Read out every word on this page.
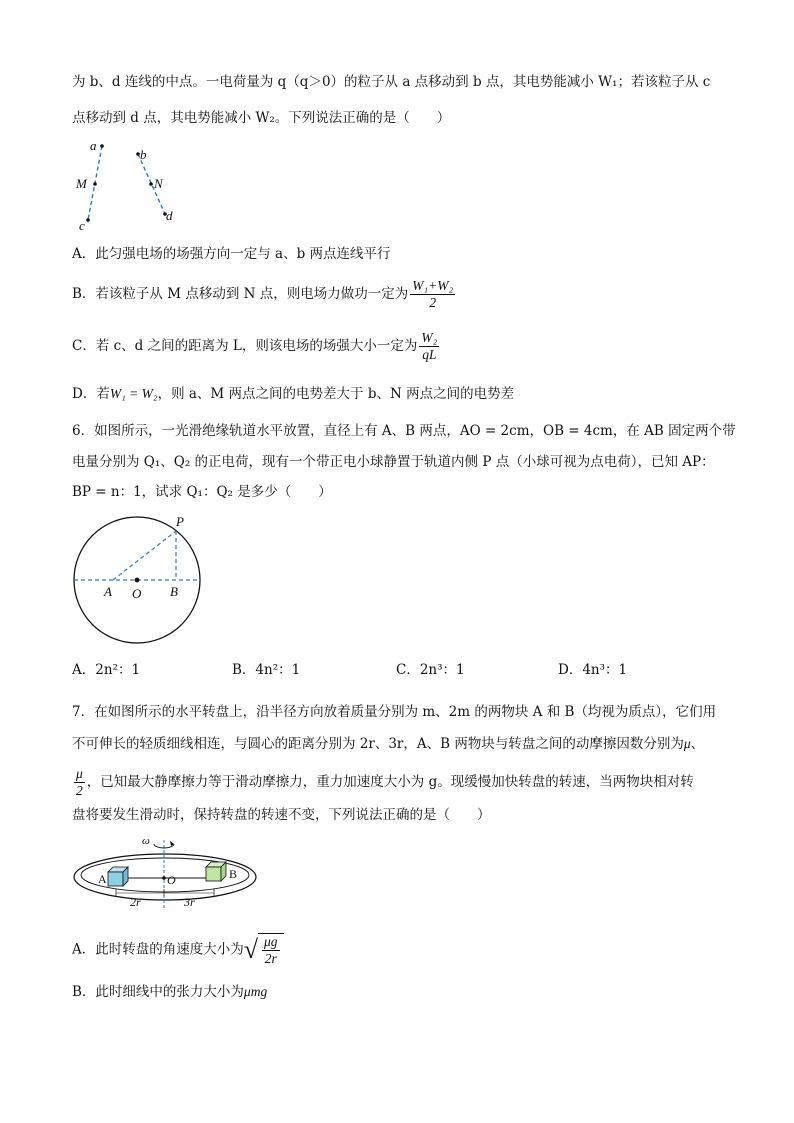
为 b、d 连线的中点。一电荷量为 q（q＞0）的粒子从 a 点移动到 b 点，其电势能减小 W₁；若该粒子从 c
点移动到 d 点，其电势能减小 W₂。下列说法正确的是（　　）
a
M
c
b
N
d
A．此匀强电场的场强方向一定与 a、b 两点连线平行
B．若该粒子从 M 点移动到 N 点，则电场力做功一定为 $\frac{\text{W₁+W₂}}{2}$
C．若 c、d 之间的距离为 L，则该电场的场强大小一定为 $\frac{\text{W₂}}{qL}$
D．若W₁ = W₂，则 a、M 两点之间的电势差大于 b、N 两点之间的电势差
6．如图所示，一光滑绝缘轨道水平放置，直径上有 A、B 两点，AO = 2cm，OB = 4cm，在 AB 固定两个带
电量分别为 Q₁、Q₂ 的正电荷，现有一个带正电小球静置于轨道内侧 P 点（小球可视为点电荷），已知 AP：
BP = n：1，试求 Q₁：Q₂ 是多少（　　）
P
A O B
A．2n²：1	B．4n²：1	C．2n³：1	D．4n³：1
7．在如图所示的水平转盘上，沿半径方向放着质量分别为 m、2m 的两物块 A 和 B（均视为质点），它们用
不可伸长的轻质细线相连，与圆心的距离分别为 2r、3r，A、B 两物块与转盘之间的动摩擦因数分别为μ、
$\frac{\mu}{2}$ ，已知最大静摩擦力等于滑动摩擦力，重力加速度大小为 g。现缓慢加快转盘的转速，当两物块相对转
盘将要发生滑动时，保持转盘的转速不变，下列说法正确的是（　　）
ω
A	O	B
2r	3r
A．此时转盘的角速度大小为 √ $\frac{\mu g}{2r}$
B．此时细线中的张力大小为μmg
